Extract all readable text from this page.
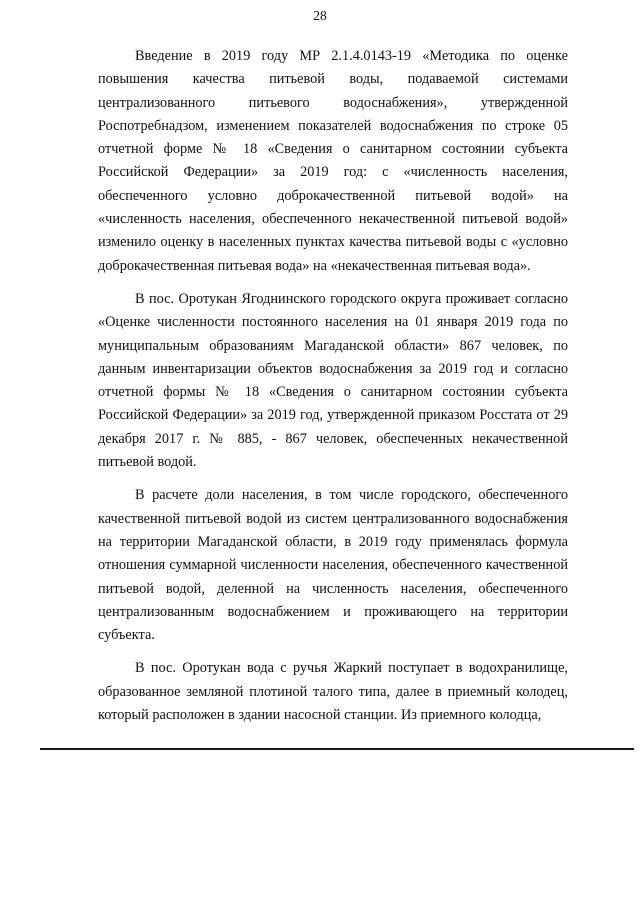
28

Введение в 2019 году МР 2.1.4.0143-19 «Методика по оценке повышения качества питьевой воды, подаваемой системами централизованного питьевого водоснабжения», утвержденной Роспотребнадзом, изменением показателей водоснабжения по строке 05 отчетной форме № 18 «Сведения о санитарном состоянии субъекта Российской Федерации» за 2019 год: с «численность населения, обеспеченного условно доброкачественной питьевой водой» на «численность населения, обеспеченного некачественной питьевой водой» изменило оценку в населенных пунктах качества питьевой воды с «условно доброкачественная питьевая вода» на «некачественная питьевая вода».

В пос. Оротукан Ягоднинского городского округа проживает согласно «Оценке численности постоянного населения на 01 января 2019 года по муниципальным образованиям Магаданской области» 867 человек, по данным инвентаризации объектов водоснабжения за 2019 год и согласно отчетной формы № 18 «Сведения о санитарном состоянии субъекта Российской Федерации» за 2019 год, утвержденной приказом Росстата от 29 декабря 2017 г. № 885, - 867 человек, обеспеченных некачественной питьевой водой.

В расчете доли населения, в том числе городского, обеспеченного качественной питьевой водой из систем централизованного водоснабжения на территории Магаданской области, в 2019 году применялась формула отношения суммарной численности населения, обеспеченного качественной питьевой водой, деленной на численность населения, обеспеченного централизованным водоснабжением и проживающего на территории субъекта.

В пос. Оротукан вода с ручья Жаркий поступает в водохранилище, образованное земляной плотиной талого типа, далее в приемный колодец, который расположен в здании насосной станции. Из приемного колодца,
